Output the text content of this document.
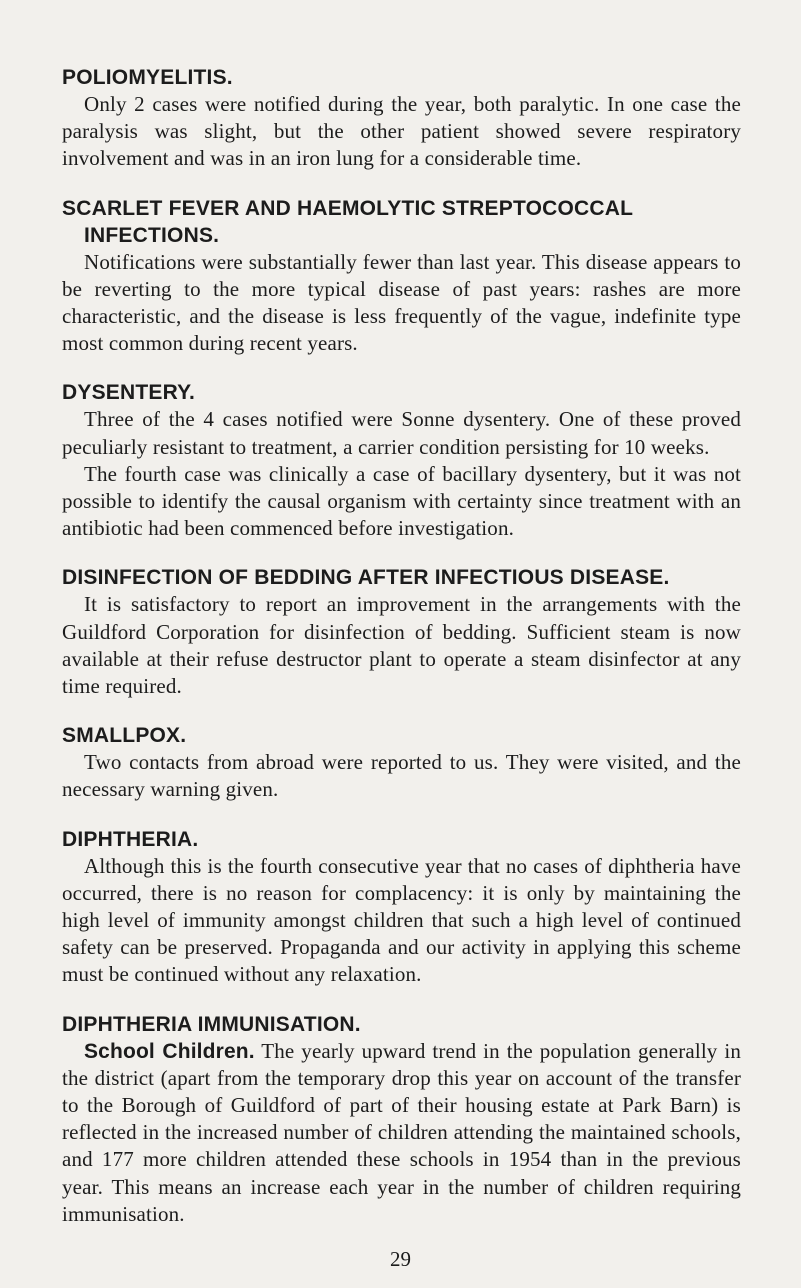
POLIOMYELITIS.

Only 2 cases were notified during the year, both paralytic. In one case the paralysis was slight, but the other patient showed severe respiratory involvement and was in an iron lung for a considerable time.

SCARLET FEVER AND HAEMOLYTIC STREPTOCOCCAL
INFECTIONS.

Notifications were substantially fewer than last year. This disease appears to be reverting to the more typical disease of past years: rashes are more characteristic, and the disease is less frequently of the vague, indefinite type most common during recent years.

DYSENTERY.

Three of the 4 cases notified were Sonne dysentery. One of these proved peculiarly resistant to treatment, a carrier condition persisting for 10 weeks.

The fourth case was clinically a case of bacillary dysentery, but it was not possible to identify the causal organism with certainty since treatment with an antibiotic had been commenced before investigation.

DISINFECTION OF BEDDING AFTER INFECTIOUS DISEASE.

It is satisfactory to report an improvement in the arrangements with the Guildford Corporation for disinfection of bedding. Sufficient steam is now available at their refuse destructor plant to operate a steam disinfector at any time required.

SMALLPOX.

Two contacts from abroad were reported to us. They were visited, and the necessary warning given.

DIPHTHERIA.

Although this is the fourth consecutive year that no cases of diphtheria have occurred, there is no reason for complacency: it is only by maintaining the high level of immunity amongst children that such a high level of continued safety can be preserved. Propaganda and our activity in applying this scheme must be continued without any relaxation.

DIPHTHERIA IMMUNISATION.

School Children. The yearly upward trend in the population generally in the district (apart from the temporary drop this year on account of the transfer to the Borough of Guildford of part of their housing estate at Park Barn) is reflected in the increased number of children attending the maintained schools, and 177 more children attended these schools in 1954 than in the previous year. This means an increase each year in the number of children requiring immunisation.

29
